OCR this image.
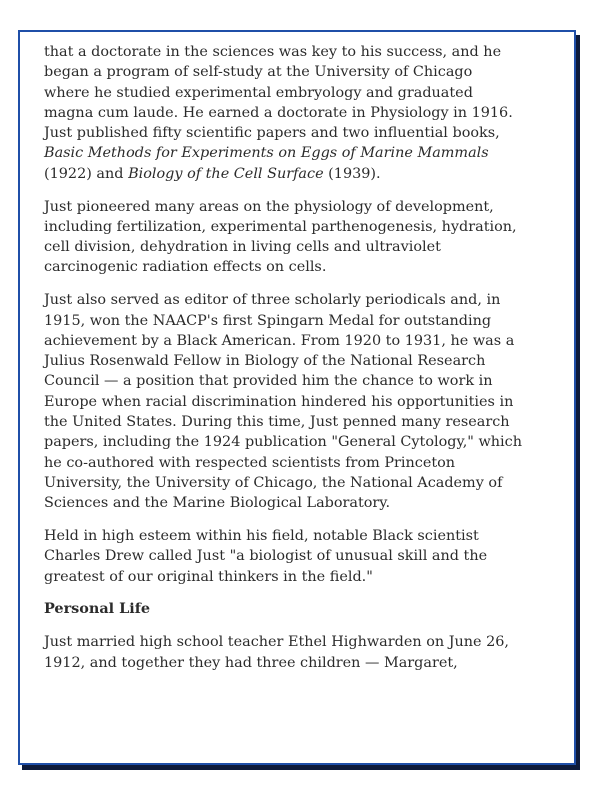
that a doctorate in the sciences was key to his success, and he began a program of self-study at the University of Chicago where he studied experimental embryology and graduated magna cum laude. He earned a doctorate in Physiology in 1916. Just published fifty scientific papers and two influential books, Basic Methods for Experiments on Eggs of Marine Mammals (1922) and Biology of the Cell Surface (1939).

Just pioneered many areas on the physiology of development, including fertilization, experimental parthenogenesis, hydration, cell division, dehydration in living cells and ultraviolet carcinogenic radiation effects on cells.

Just also served as editor of three scholarly periodicals and, in 1915, won the NAACP's first Spingarn Medal for outstanding achievement by a Black American. From 1920 to 1931, he was a Julius Rosenwald Fellow in Biology of the National Research Council — a position that provided him the chance to work in Europe when racial discrimination hindered his opportunities in the United States. During this time, Just penned many research papers, including the 1924 publication "General Cytology," which he co-authored with respected scientists from Princeton University, the University of Chicago, the National Academy of Sciences and the Marine Biological Laboratory.

Held in high esteem within his field, notable Black scientist Charles Drew called Just "a biologist of unusual skill and the greatest of our original thinkers in the field."

Personal Life

Just married high school teacher Ethel Highwarden on June 26, 1912, and together they had three children — Margaret,
